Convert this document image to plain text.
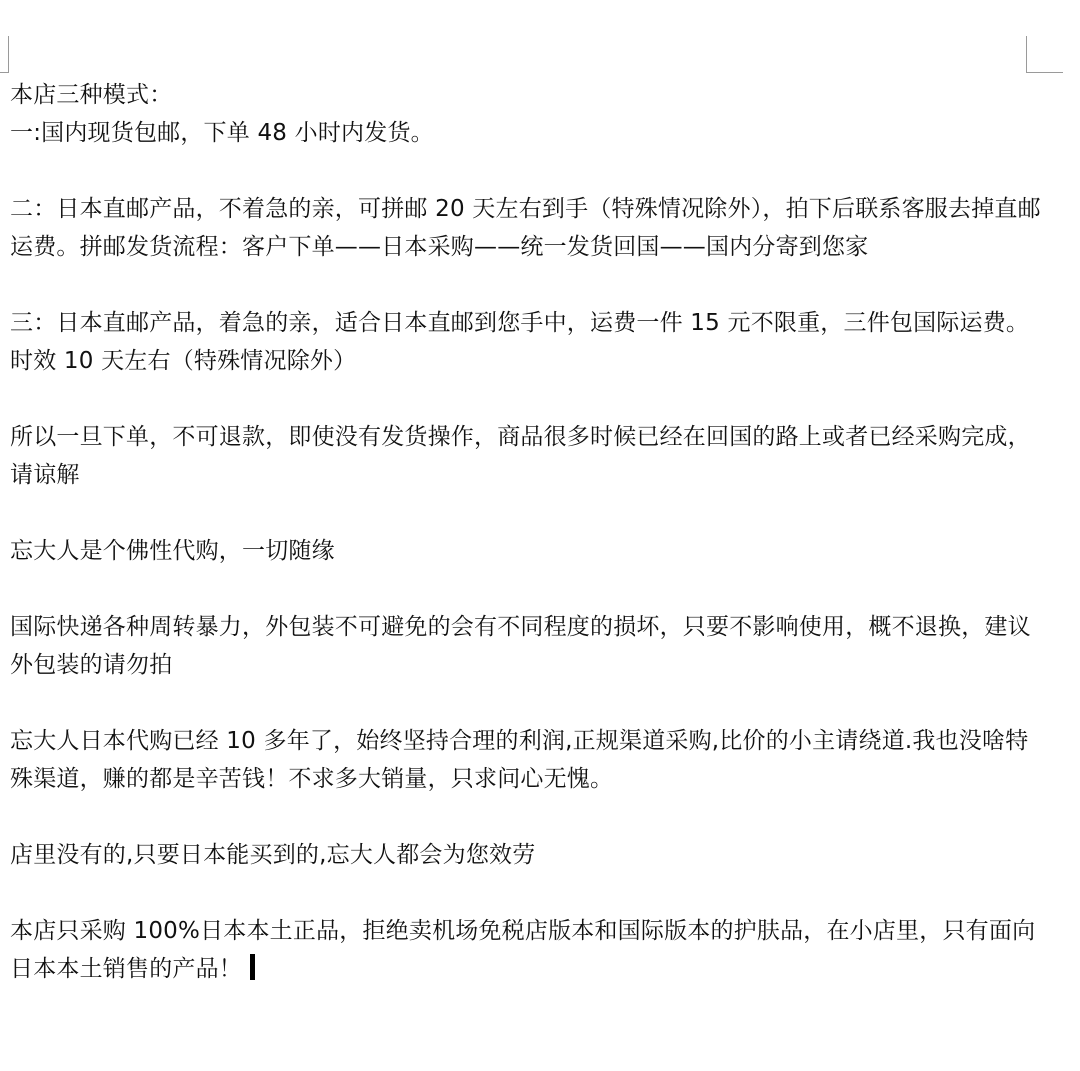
本店三种模式：

一:国内现货包邮，下单 48 小时内发货。

二：日本直邮产品，不着急的亲，可拼邮 20 天左右到手（特殊情况除外），拍下后联系客服去掉直邮运费。拼邮发货流程：客户下单——日本采购——统一发货回国——国内分寄到您家

三：日本直邮产品，着急的亲，适合日本直邮到您手中，运费一件 15 元不限重，三件包国际运费。时效 10 天左右（特殊情况除外）

所以一旦下单，不可退款，即使没有发货操作，商品很多时候已经在回国的路上或者已经采购完成，请谅解

忘大人是个佛性代购，一切随缘

国际快递各种周转暴力，外包装不可避免的会有不同程度的损坏，只要不影响使用，概不退换，建议外包装的请勿拍

忘大人日本代购已经 10 多年了，始终坚持合理的利润,正规渠道采购,比价的小主请绕道.我也没啥特殊渠道，赚的都是辛苦钱！不求多大销量，只求问心无愧。

店里没有的,只要日本能买到的,忘大人都会为您效劳

本店只采购 100%日本本土正品，拒绝卖机场免税店版本和国际版本的护肤品，在小店里，只有面向日本本土销售的产品！
